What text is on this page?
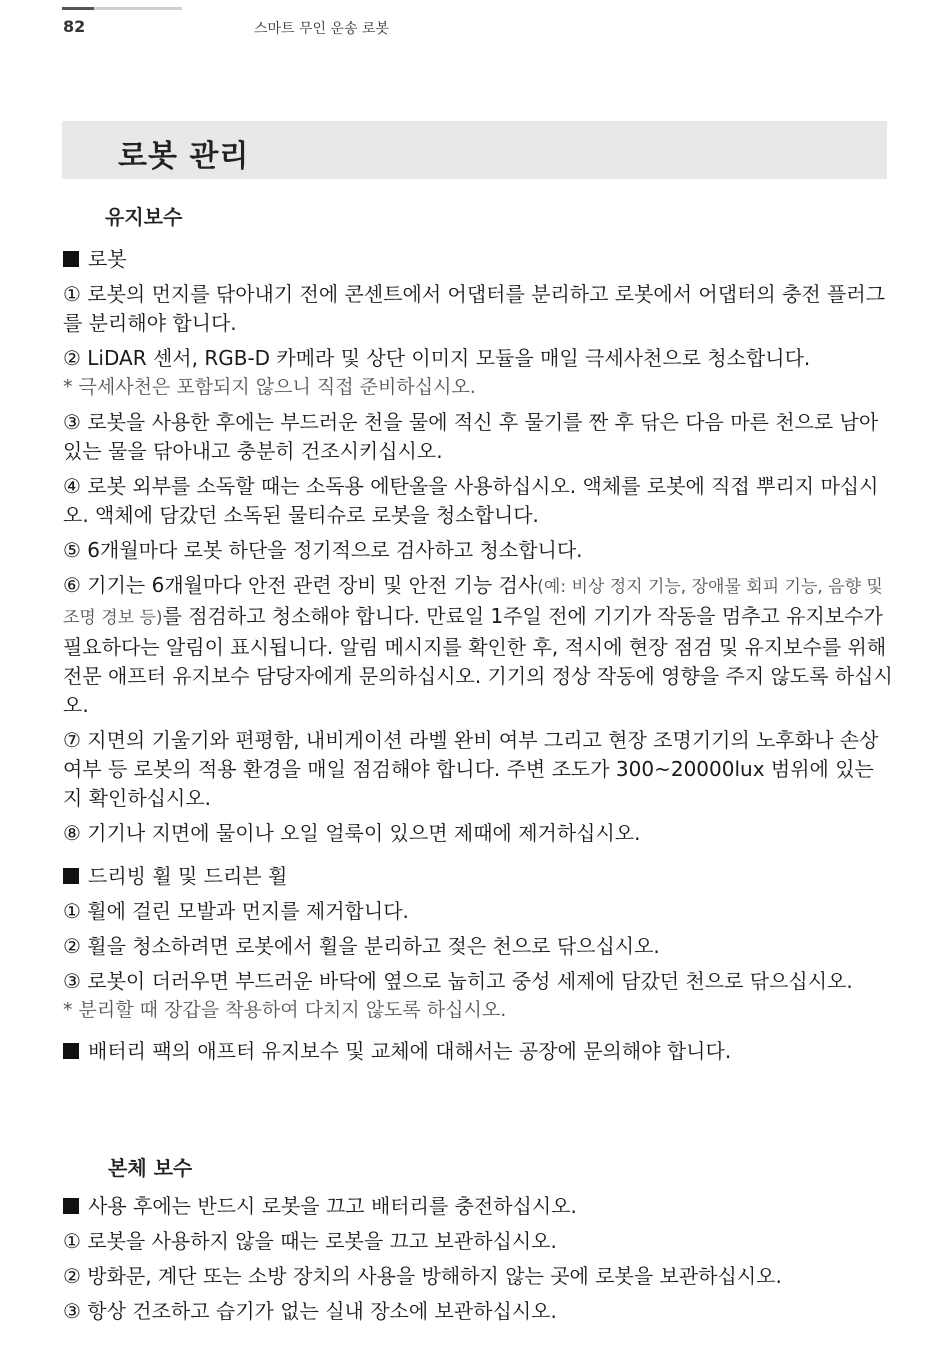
82	스마트 무인 운송 로봇
로봇 관리
유지보수
로봇
① 로봇의 먼지를 닦아내기 전에 콘센트에서 어댑터를 분리하고 로봇에서 어댑터의 충전 플러그를 분리해야 합니다.
② LiDAR 센서, RGB-D 카메라 및 상단 이미지 모듈을 매일 극세사천으로 청소합니다.
* 극세사천은 포함되지 않으니 직접 준비하십시오.
③ 로봇을 사용한 후에는 부드러운 천을 물에 적신 후 물기를 짠 후 닦은 다음 마른 천으로 남아 있는 물을 닦아내고 충분히 건조시키십시오.
④ 로봇 외부를 소독할 때는 소독용 에탄올을 사용하십시오. 액체를 로봇에 직접 뿌리지 마십시오. 액체에 담갔던 소독된 물티슈로 로봇을 청소합니다.
⑤ 6개월마다 로봇 하단을 정기적으로 검사하고 청소합니다.
⑥ 기기는 6개월마다 안전 관련 장비 및 안전 기능 검사(예: 비상 정지 기능, 장애물 회피 기능, 음향 및 조명 경보 등)를 점검하고 청소해야 합니다. 만료일 1주일 전에 기기가 작동을 멈추고 유지보수가 필요하다는 알림이 표시됩니다. 알림 메시지를 확인한 후, 적시에 현장 점검 및 유지보수를 위해 전문 애프터 유지보수 담당자에게 문의하십시오. 기기의 정상 작동에 영향을 주지 않도록 하십시오.
⑦ 지면의 기울기와 편평함, 내비게이션 라벨 완비 여부 그리고 현장 조명기기의 노후화나 손상 여부 등 로봇의 적용 환경을 매일 점검해야 합니다. 주변 조도가 300~20000lux 범위에 있는지 확인하십시오.
⑧ 기기나 지면에 물이나 오일 얼룩이 있으면 제때에 제거하십시오.
드리빙 휠 및 드리븐 휠
① 휠에 걸린 모발과 먼지를 제거합니다.
② 휠을 청소하려면 로봇에서 휠을 분리하고 젖은 천으로 닦으십시오.
③ 로봇이 더러우면 부드러운 바닥에 옆으로 눕히고 중성 세제에 담갔던 천으로 닦으십시오.
* 분리할 때 장갑을 착용하여 다치지 않도록 하십시오.
배터리 팩의 애프터 유지보수 및 교체에 대해서는 공장에 문의해야 합니다.
본체 보수
사용 후에는 반드시 로봇을 끄고 배터리를 충전하십시오.
① 로봇을 사용하지 않을 때는 로봇을 끄고 보관하십시오.
② 방화문, 계단 또는 소방 장치의 사용을 방해하지 않는 곳에 로봇을 보관하십시오.
③ 항상 건조하고 습기가 없는 실내 장소에 보관하십시오.
